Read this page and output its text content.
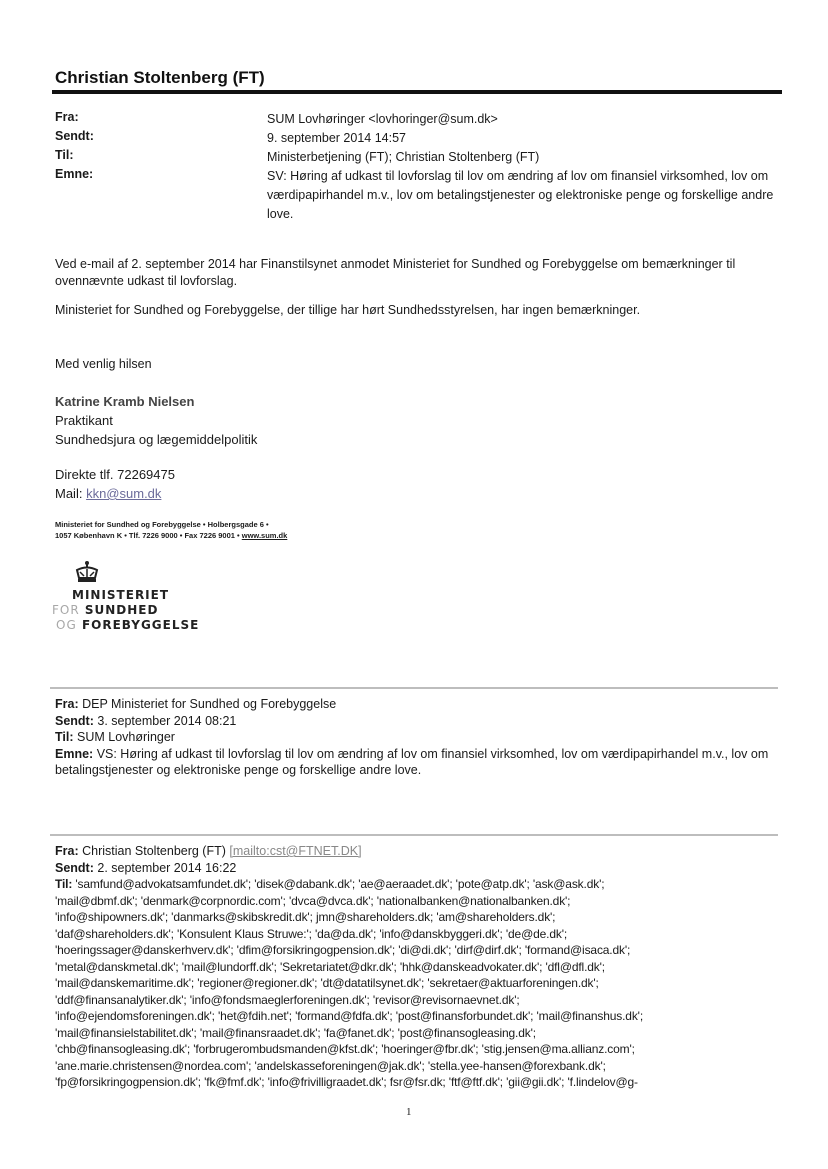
Christian Stoltenberg (FT)
Fra:	SUM Lovhøringer <lovhoringer@sum.dk>
Sendt:	9. september 2014 14:57
Til:	Ministerbetjening (FT); Christian Stoltenberg (FT)
Emne:	SV: Høring af udkast til lovforslag til lov om ændring af lov om finansiel virksomhed, lov om værdipapirhandel m.v., lov om betalingstjenester og elektroniske penge og forskellige andre love.
Ved e-mail af 2. september 2014 har Finanstilsynet anmodet Ministeriet for Sundhed og Forebyggelse om bemærkninger til ovennævnte udkast til lovforslag.
Ministeriet for Sundhed og Forebyggelse, der tillige har hørt Sundhedsstyrelsen, har ingen bemærkninger.
Med venlig hilsen
Katrine Kramb Nielsen
Praktikant
Sundhedsjura og lægemiddelpolitik
Direkte tlf. 72269475
Mail: kkn@sum.dk
Ministeriet for Sundhed og Forebyggelse • Holbergsgade 6 •
1057 København K • Tlf. 7226 9000 • Fax 7226 9001 • www.sum.dk
MINISTERIET
FOR SUNDHED
OG FOREBYGGELSE
Fra: DEP Ministeriet for Sundhed og Forebyggelse
Sendt: 3. september 2014 08:21
Til: SUM Lovhøringer
Emne: VS: Høring af udkast til lovforslag til lov om ændring af lov om finansiel virksomhed, lov om værdipapirhandel m.v., lov om betalingstjenester og elektroniske penge og forskellige andre love.
Fra: Christian Stoltenberg (FT) [mailto:cst@FTNET.DK]
Sendt: 2. september 2014 16:22
Til: 'samfund@advokatsamfundet.dk'; 'disek@dabank.dk'; 'ae@aeraadet.dk'; 'pote@atp.dk'; 'ask@ask.dk';
'mail@dbmf.dk'; 'denmark@corpnordic.com'; 'dvca@dvca.dk'; 'nationalbanken@nationalbanken.dk';
'info@shipowners.dk'; 'danmarks@skibskredit.dk'; jmn@shareholders.dk; 'am@shareholders.dk';
'daf@shareholders.dk'; 'Konsulent Klaus Struwe:'; 'da@da.dk'; 'info@danskbyggeri.dk'; 'de@de.dk';
'hoeringssager@danskerhverv.dk'; 'dfim@forsikringogpension.dk'; 'di@di.dk'; 'dirf@dirf.dk'; 'formand@isaca.dk';
'metal@danskmetal.dk'; 'mail@lundorff.dk'; 'Sekretariatet@dkr.dk'; 'hhk@danskeadvokater.dk'; 'dfl@dfl.dk';
'mail@danskemaritime.dk'; 'regioner@regioner.dk'; 'dt@datatilsynet.dk'; 'sekretaer@aktuarforeningen.dk';
'ddf@finansanalytiker.dk'; 'info@fondsmaeglerforeningen.dk'; 'revisor@revisornaevnet.dk';
'info@ejendomsforeningen.dk'; 'het@fdih.net'; 'formand@fdfa.dk'; 'post@finansforbundet.dk'; 'mail@finanshus.dk';
'mail@finansielstabilitet.dk'; 'mail@finansraadet.dk'; 'fa@fanet.dk'; 'post@finansogleasing.dk';
'chb@finansogleasing.dk'; 'forbrugerombudsmanden@kfst.dk'; 'hoeringer@fbr.dk'; 'stig.jensen@ma.allianz.com';
'ane.marie.christensen@nordea.com'; 'andelskasseforeningen@jak.dk'; 'stella.yee-hansen@forexbank.dk';
'fp@forsikringogpension.dk'; 'fk@fmf.dk'; 'info@frivilligraadet.dk'; fsr@fsr.dk; 'ftf@ftf.dk'; 'gii@gii.dk'; 'f.lindelov@g-
1
